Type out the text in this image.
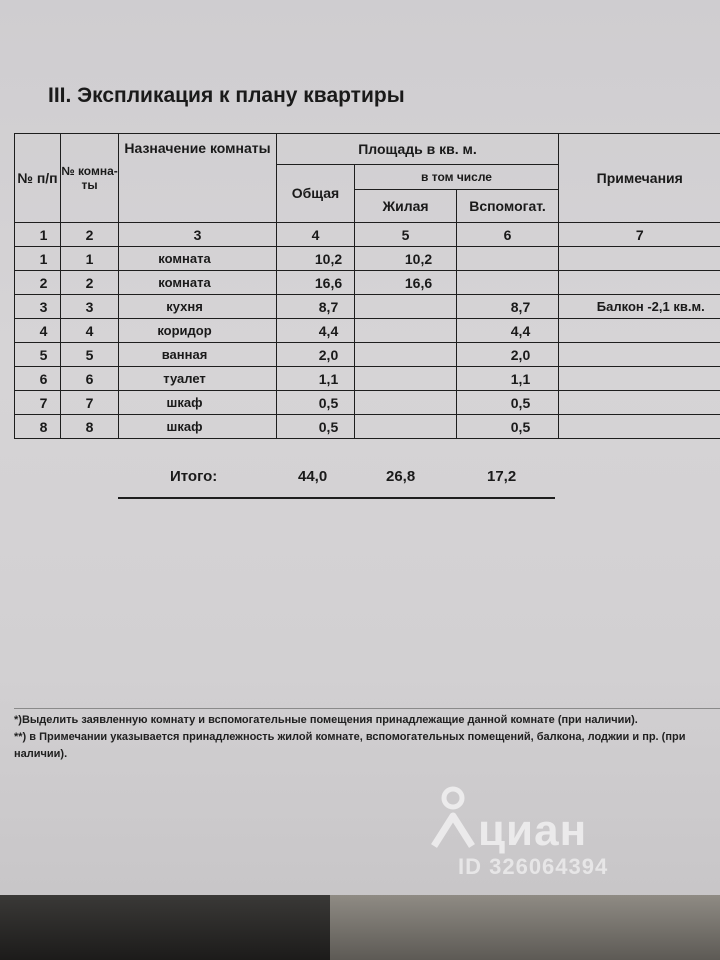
III. Экспликация к плану квартиры
№ п/п	№ комна- ты	Назначение комнаты	Площадь в кв. м.			Примечания
			Общая	в том числе		
				Жилая	Вспомогат.	
1	2	3	4	5	6	7
1	1	комната	10,2	10,2		
2	2	комната	16,6	16,6		
3	3	кухня	8,7		8,7	Балкон -2,1 кв.м.
4	4	коридор	4,4		4,4	
5	5	ванная	2,0		2,0	
6	6	туалет	1,1		1,1	
7	7	шкаф	0,5		0,5	
8	8	шкаф	0,5		0,5	
Итого:	44,0	26,8	17,2
*)Выделить заявленную комнату и вспомогательные помещения принадлежащие данной комнате (при наличии).
**) в Примечании указывается принадлежность жилой комнате, вспомогательных помещений, балкона, лоджии и пр. (при
наличии).
циан
ID 326064394
